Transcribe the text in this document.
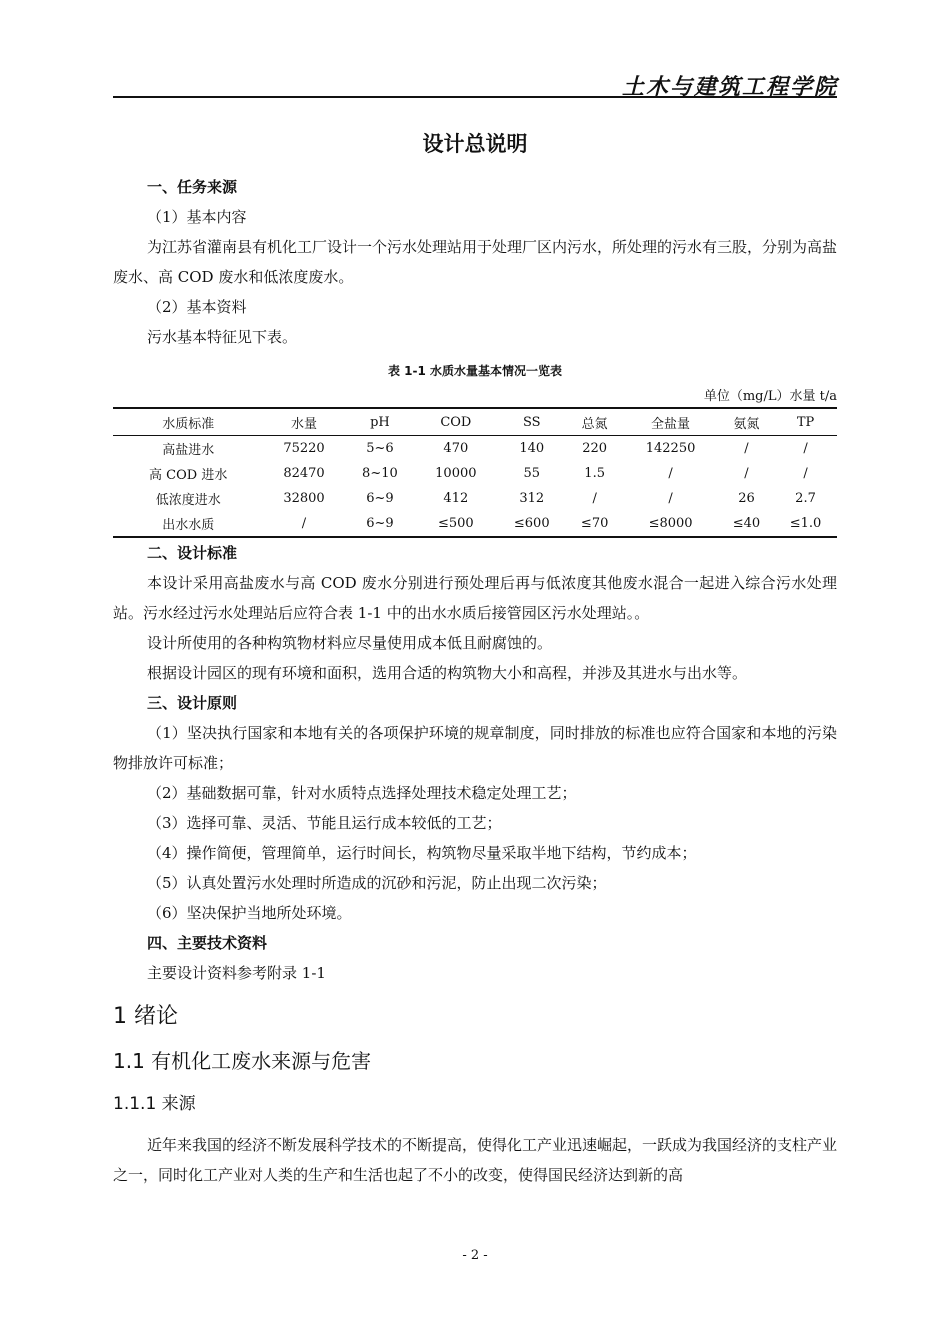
土木与建筑工程学院
设计总说明
一、任务来源

（1）基本内容

为江苏省灌南县有机化工厂设计一个污水处理站用于处理厂区内污水，所处理的污水有三股，分别为高盐废水、高 COD 废水和低浓度废水。

（2）基本资料

污水基本特征见下表。

表 1-1 水质水量基本情况一览表
单位（mg/L）水量 t/a
水质标准	水量	pH	COD	SS	总氮	全盐量	氨氮	TP
高盐进水	75220	5~6	470	140	220	142250	/	/
高 COD 进水	82470	8~10	10000	55	1.5	/	/	/
低浓度进水	32800	6~9	412	312	/	/	26	2.7
出水水质	/	6~9	≤500	≤600	≤70	≤8000	≤40	≤1.0
二、设计标准

本设计采用高盐废水与高 COD 废水分别进行预处理后再与低浓度其他废水混合一起进入综合污水处理站。污水经过污水处理站后应符合表 1-1 中的出水水质后接管园区污水处理站。。

设计所使用的各种构筑物材料应尽量使用成本低且耐腐蚀的。

根据设计园区的现有环境和面积，选用合适的构筑物大小和高程，并涉及其进水与出水等。

三、设计原则

（1）坚决执行国家和本地有关的各项保护环境的规章制度，同时排放的标准也应符合国家和本地的污染物排放许可标准；

（2）基础数据可靠，针对水质特点选择处理技术稳定处理工艺；

（3）选择可靠、灵活、节能且运行成本较低的工艺；

（4）操作简便，管理简单，运行时间长，构筑物尽量采取半地下结构，节约成本；

（5）认真处置污水处理时所造成的沉砂和污泥，防止出现二次污染；

（6）坚决保护当地所处环境。

四、主要技术资料

主要设计资料参考附录 1-1

1 绪论
1.1 有机化工废水来源与危害
1.1.1 来源

近年来我国的经济不断发展科学技术的不断提高，使得化工产业迅速崛起，一跃成为我国经济的支柱产业之一，同时化工产业对人类的生产和生活也起了不小的改变，使得国民经济达到新的高

- 2 -
